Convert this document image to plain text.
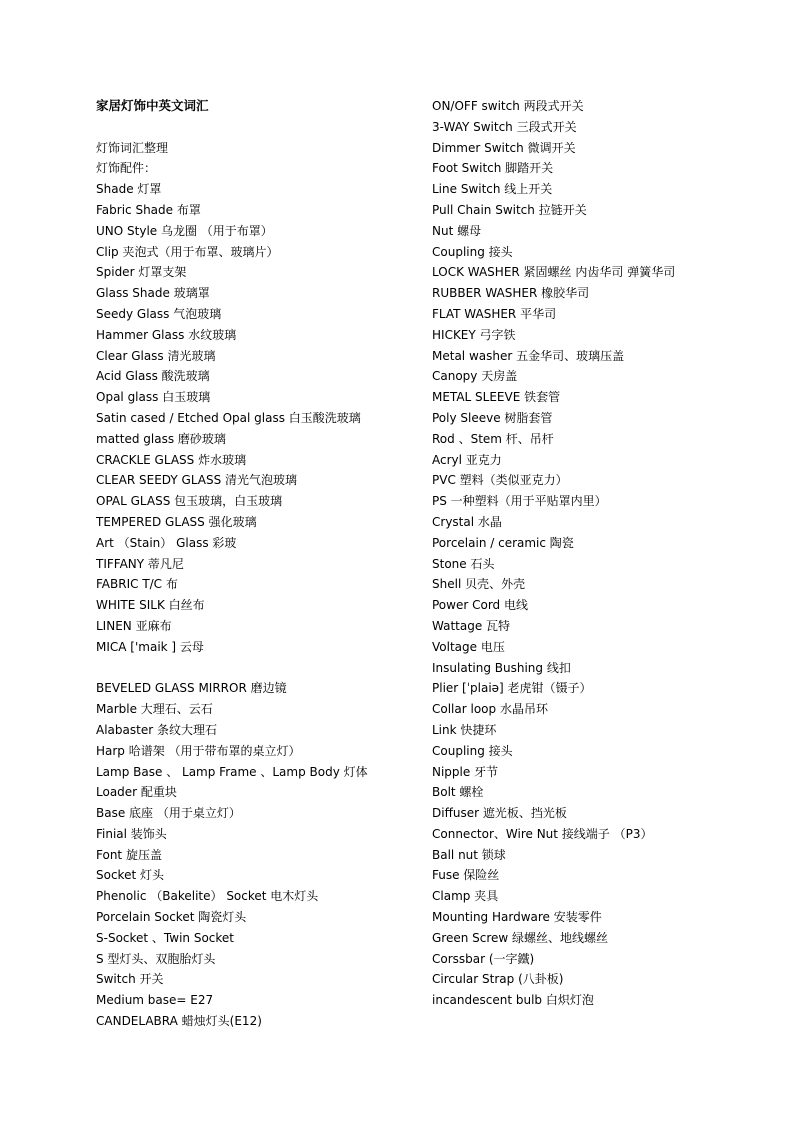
家居灯饰中英文词汇
灯饰词汇整理
灯饰配件：
Shade 灯罩
Fabric Shade 布罩
UNO Style 乌龙圈 （用于布罩）
Clip 夹泡式（用于布罩、玻璃片）
Spider 灯罩支架
Glass Shade 玻璃罩
Seedy Glass 气泡玻璃
Hammer Glass 水纹玻璃
Clear Glass 清光玻璃
Acid Glass 酸洗玻璃
Opal glass 白玉玻璃
Satin cased / Etched Opal glass 白玉酸洗玻璃
matted glass 磨砂玻璃
CRACKLE GLASS 炸水玻璃
CLEAR SEEDY GLASS 清光气泡玻璃
OPAL GLASS 包玉玻璃，白玉玻璃
TEMPERED GLASS 强化玻璃
Art （Stain） Glass 彩玻
TIFFANY 蒂凡尼
FABRIC T/C 布
WHITE SILK 白丝布
LINEN 亚麻布
MICA ['maik ] 云母
BEVELED GLASS MIRROR 磨边镜
Marble 大理石、云石
Alabaster 条纹大理石
Harp 哈谱架 （用于带布罩的桌立灯）
Lamp Base 、 Lamp Frame 、Lamp Body 灯体
Loader 配重块
Base 底座 （用于桌立灯）
Finial 装饰头
Font 旋压盖
Socket 灯头
Phenolic （Bakelite） Socket 电木灯头
Porcelain Socket 陶瓷灯头
S-Socket 、Twin Socket
S 型灯头、双胞胎灯头
Switch 开关
Medium base= E27
CANDELABRA 蜡烛灯头(E12)
ON/OFF switch 两段式开关
3-WAY Switch 三段式开关
Dimmer Switch 微调开关
Foot Switch 脚踏开关
Line Switch 线上开关
Pull Chain Switch 拉链开关
Nut 螺母
Coupling 接头
LOCK WASHER 紧固螺丝 内齿华司 弹簧华司
RUBBER WASHER 橡胶华司
FLAT WASHER 平华司
HICKEY 弓字铁
Metal washer 五金华司、玻璃压盖
Canopy 天房盖
METAL SLEEVE 铁套管
Poly Sleeve 树脂套管
Rod 、Stem 杆、吊杆
Acryl 亚克力
PVC 塑料（类似亚克力）
PS 一种塑料（用于平贴罩内里）
Crystal 水晶
Porcelain / ceramic 陶瓷
Stone 石头
Shell 贝壳、外壳
Power Cord 电线
Wattage 瓦特
Voltage 电压
Insulating Bushing 线扣
Plier [ˈplaiə] 老虎钳（镊子）
Collar loop 水晶吊环
Link 快捷环
Coupling 接头
Nipple 牙节
Bolt 螺栓
Diffuser 遮光板、挡光板
Connector、Wire Nut 接线端子 （P3）
Ball nut 锁球
Fuse 保险丝
Clamp 夹具
Mounting Hardware 安装零件
Green Screw 绿螺丝、地线螺丝
Corssbar (一字鐵)
Circular Strap (八卦板)
incandescent bulb 白炽灯泡
